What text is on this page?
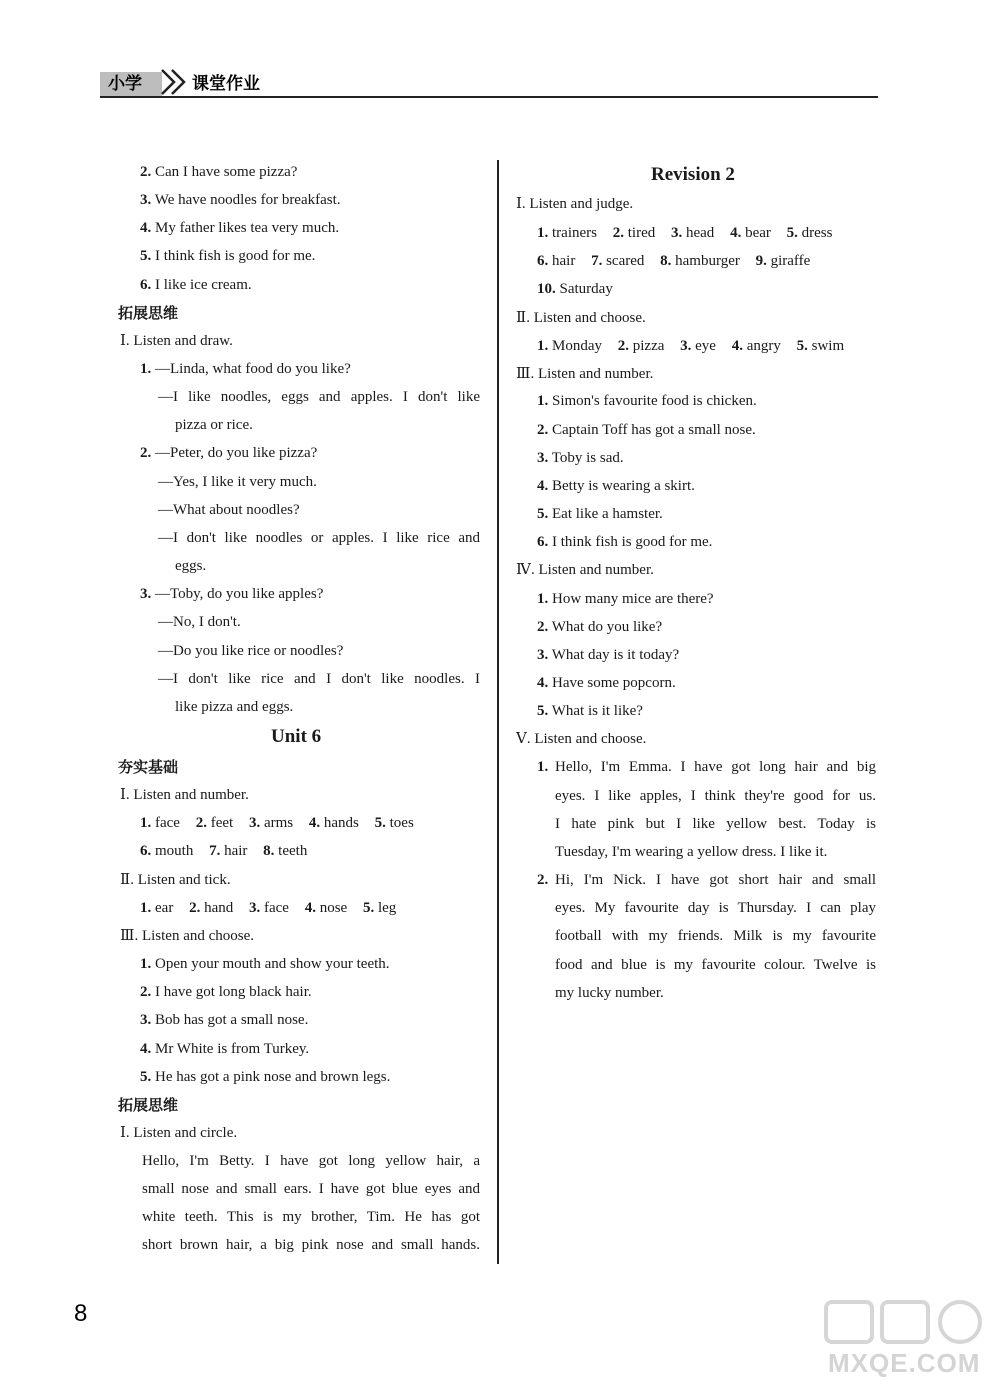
小学	课堂作业
2. Can I have some pizza?
3. We have noodles for breakfast.
4. My father likes tea very much.
5. I think fish is good for me.
6. I like ice cream.
拓展思维
Ⅰ. Listen and draw.
1. —Linda, what food do you like?
—I like noodles, eggs and apples. I don't like
pizza or rice.
2. —Peter, do you like pizza?
—Yes, I like it very much.
—What about noodles?
—I don't like noodles or apples. I like rice and
eggs.
3. —Toby, do you like apples?
—No, I don't.
—Do you like rice or noodles?
—I don't like rice and I don't like noodles. I
like pizza and eggs.
Unit 6
夯实基础
Ⅰ. Listen and number.
1. face 2. feet 3. arms 4. hands 5. toes
6. mouth 7. hair 8. teeth
Ⅱ. Listen and tick.
1. ear 2. hand 3. face 4. nose 5. leg
Ⅲ. Listen and choose.
1. Open your mouth and show your teeth.
2. I have got long black hair.
3. Bob has got a small nose.
4. Mr White is from Turkey.
5. He has got a pink nose and brown legs.
拓展思维
Ⅰ. Listen and circle.
Hello, I'm Betty. I have got long yellow hair, a
small nose and small ears. I have got blue eyes and
white teeth. This is my brother, Tim. He has got
short brown hair, a big pink nose and small hands.
Revision 2
Ⅰ. Listen and judge.
1. trainers 2. tired 3. head 4. bear 5. dress
6. hair 7. scared 8. hamburger 9. giraffe
10. Saturday
Ⅱ. Listen and choose.
1. Monday 2. pizza 3. eye 4. angry 5. swim
Ⅲ. Listen and number.
1. Simon's favourite food is chicken.
2. Captain Toff has got a small nose.
3. Toby is sad.
4. Betty is wearing a skirt.
5. Eat like a hamster.
6. I think fish is good for me.
Ⅳ. Listen and number.
1. How many mice are there?
2. What do you like?
3. What day is it today?
4. Have some popcorn.
5. What is it like?
Ⅴ. Listen and choose.
1. Hello, I'm Emma. I have got long hair and big
eyes. I like apples, I think they're good for us.
I hate pink but I like yellow best. Today is
Tuesday, I'm wearing a yellow dress. I like it.
2. Hi, I'm Nick. I have got short hair and small
eyes. My favourite day is Thursday. I can play
football with my friends. Milk is my favourite
food and blue is my favourite colour. Twelve is
my lucky number.
8
MXQE.COM
